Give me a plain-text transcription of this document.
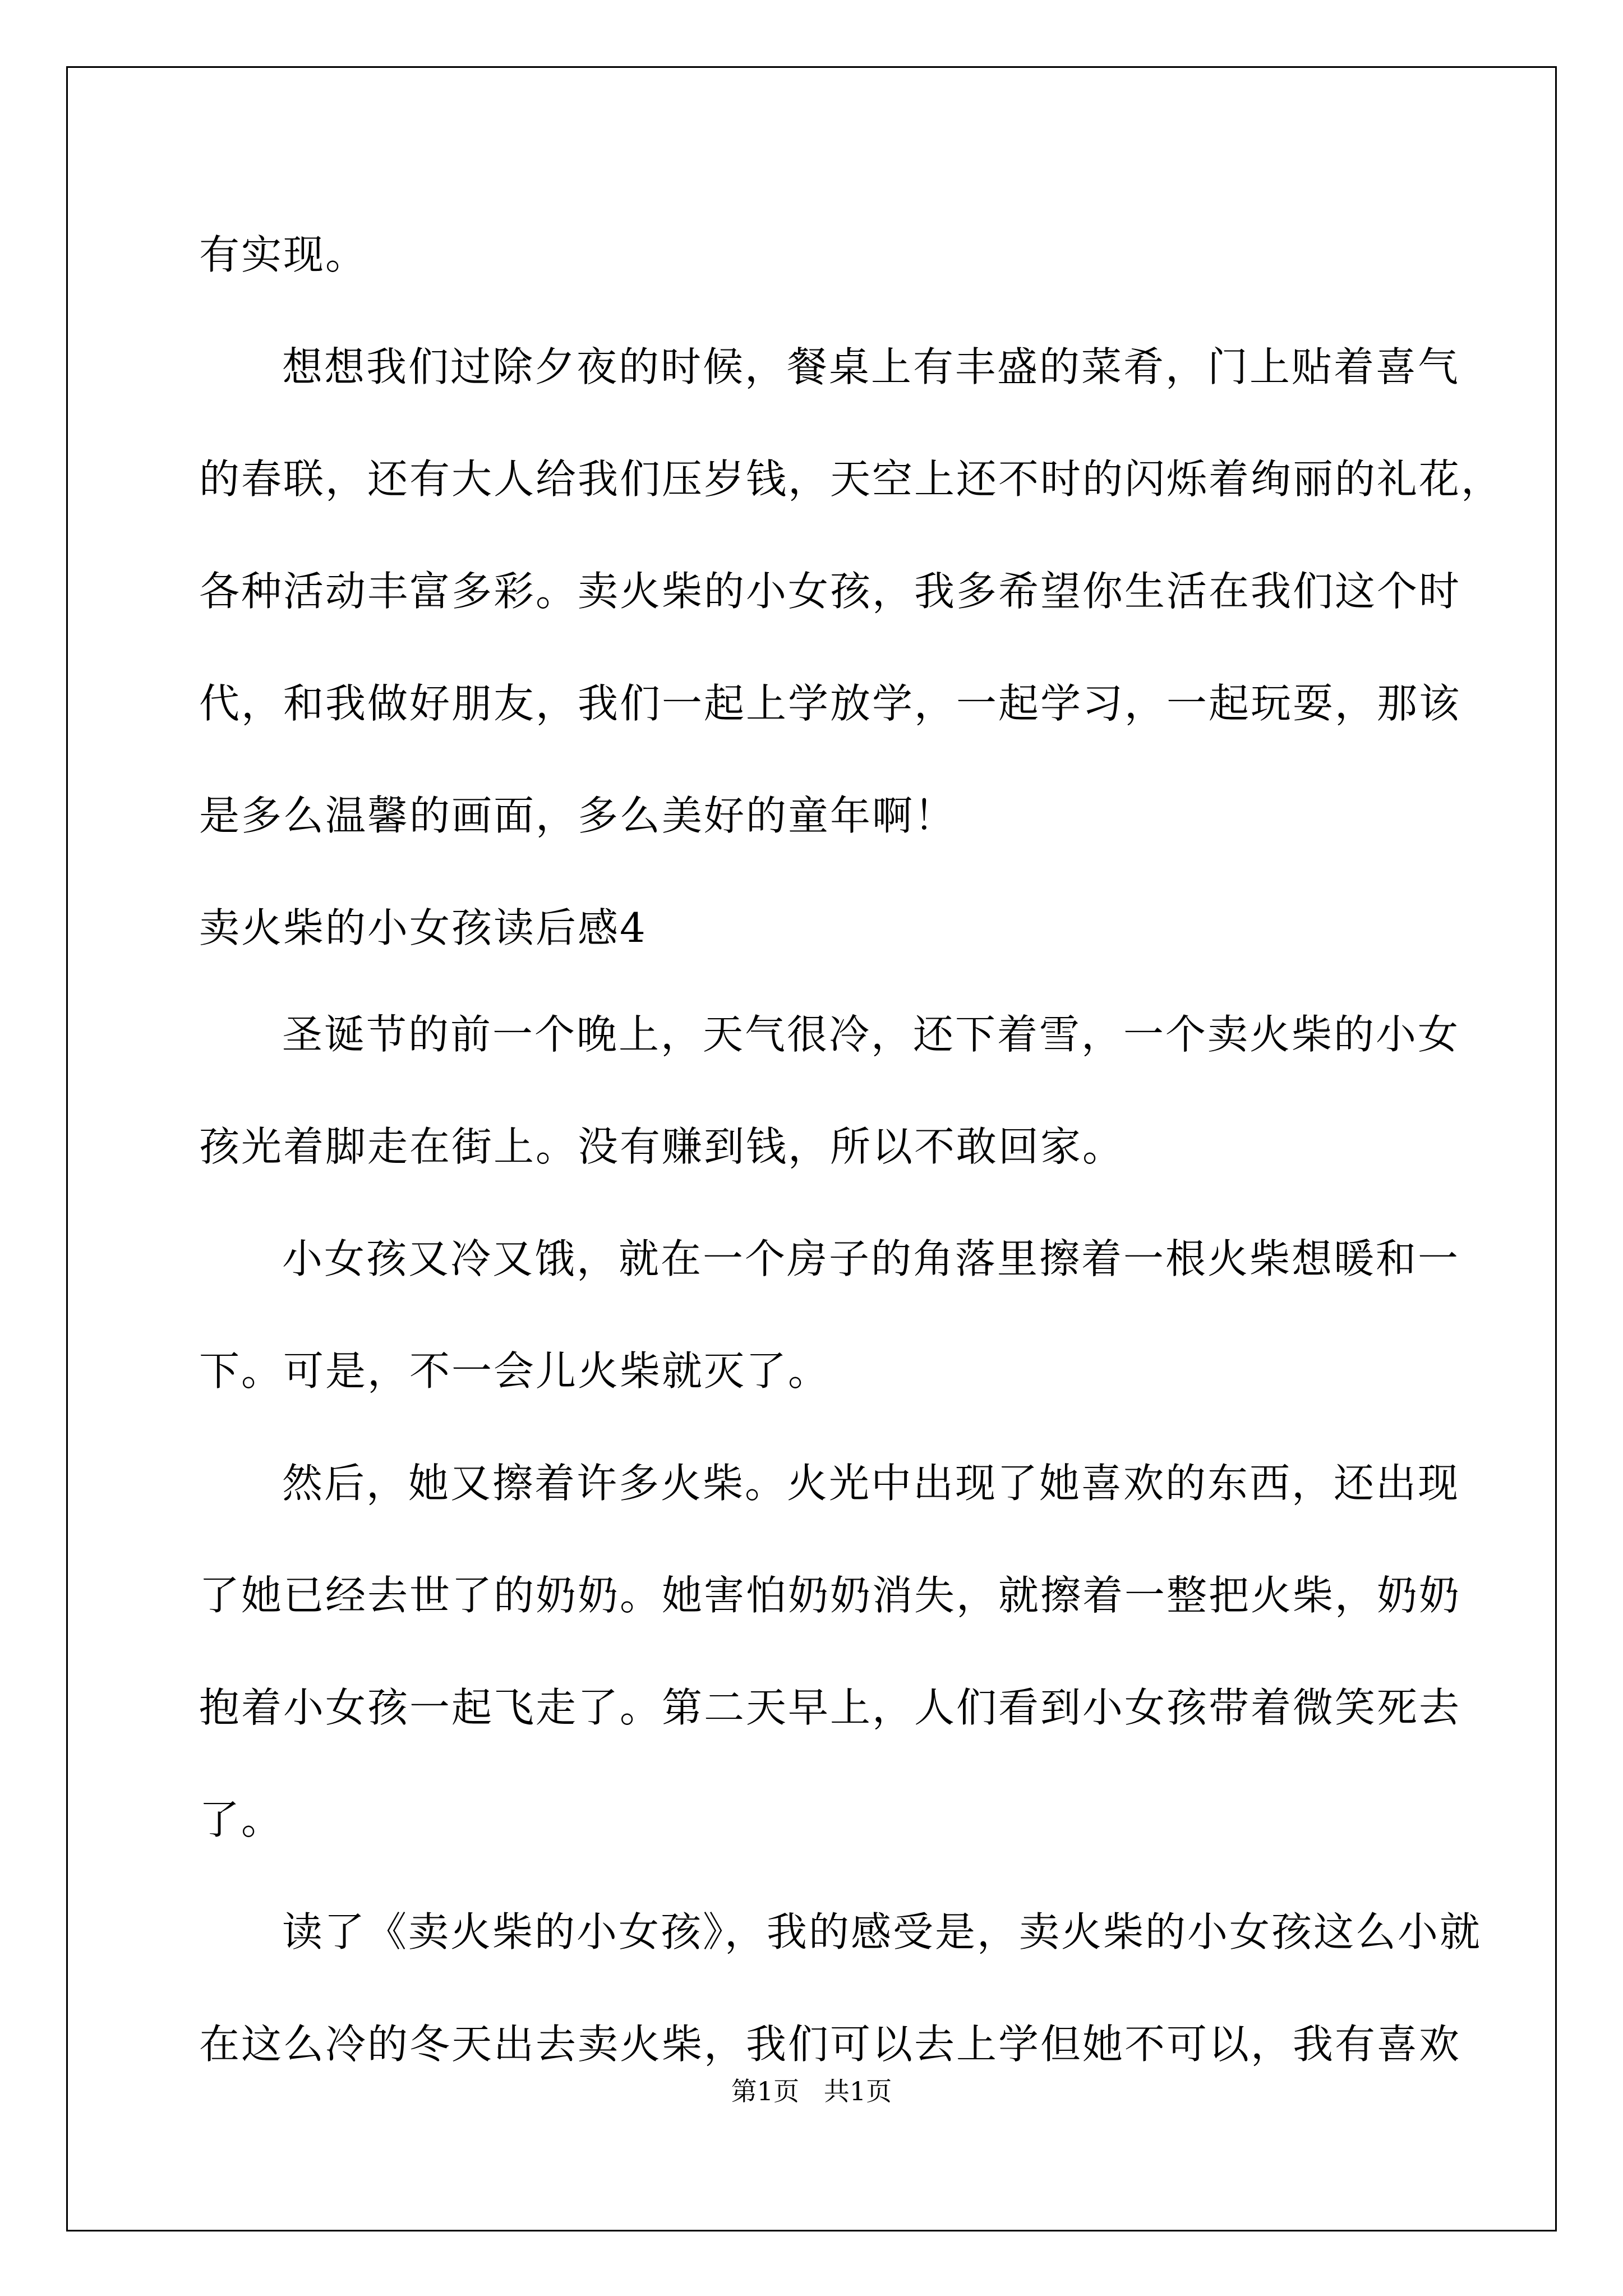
有实现。
想想我们过除夕夜的时候，餐桌上有丰盛的菜肴，门上贴着喜气
的春联，还有大人给我们压岁钱，天空上还不时的闪烁着绚丽的礼花，
各种活动丰富多彩。卖火柴的小女孩，我多希望你生活在我们这个时
代，和我做好朋友，我们一起上学放学，一起学习，一起玩耍，那该
是多么温馨的画面，多么美好的童年啊！
卖火柴的小女孩读后感4
圣诞节的前一个晚上，天气很冷，还下着雪，一个卖火柴的小女
孩光着脚走在街上。没有赚到钱，所以不敢回家。
小女孩又冷又饿，就在一个房子的角落里擦着一根火柴想暖和一
下。可是，不一会儿火柴就灭了。
然后，她又擦着许多火柴。火光中出现了她喜欢的东西，还出现
了她已经去世了的奶奶。她害怕奶奶消失，就擦着一整把火柴，奶奶
抱着小女孩一起飞走了。第二天早上，人们看到小女孩带着微笑死去
了。
读了《卖火柴的小女孩》，我的感受是，卖火柴的小女孩这么小就
在这么冷的冬天出去卖火柴，我们可以去上学但她不可以，我有喜欢
第1页   共1页
